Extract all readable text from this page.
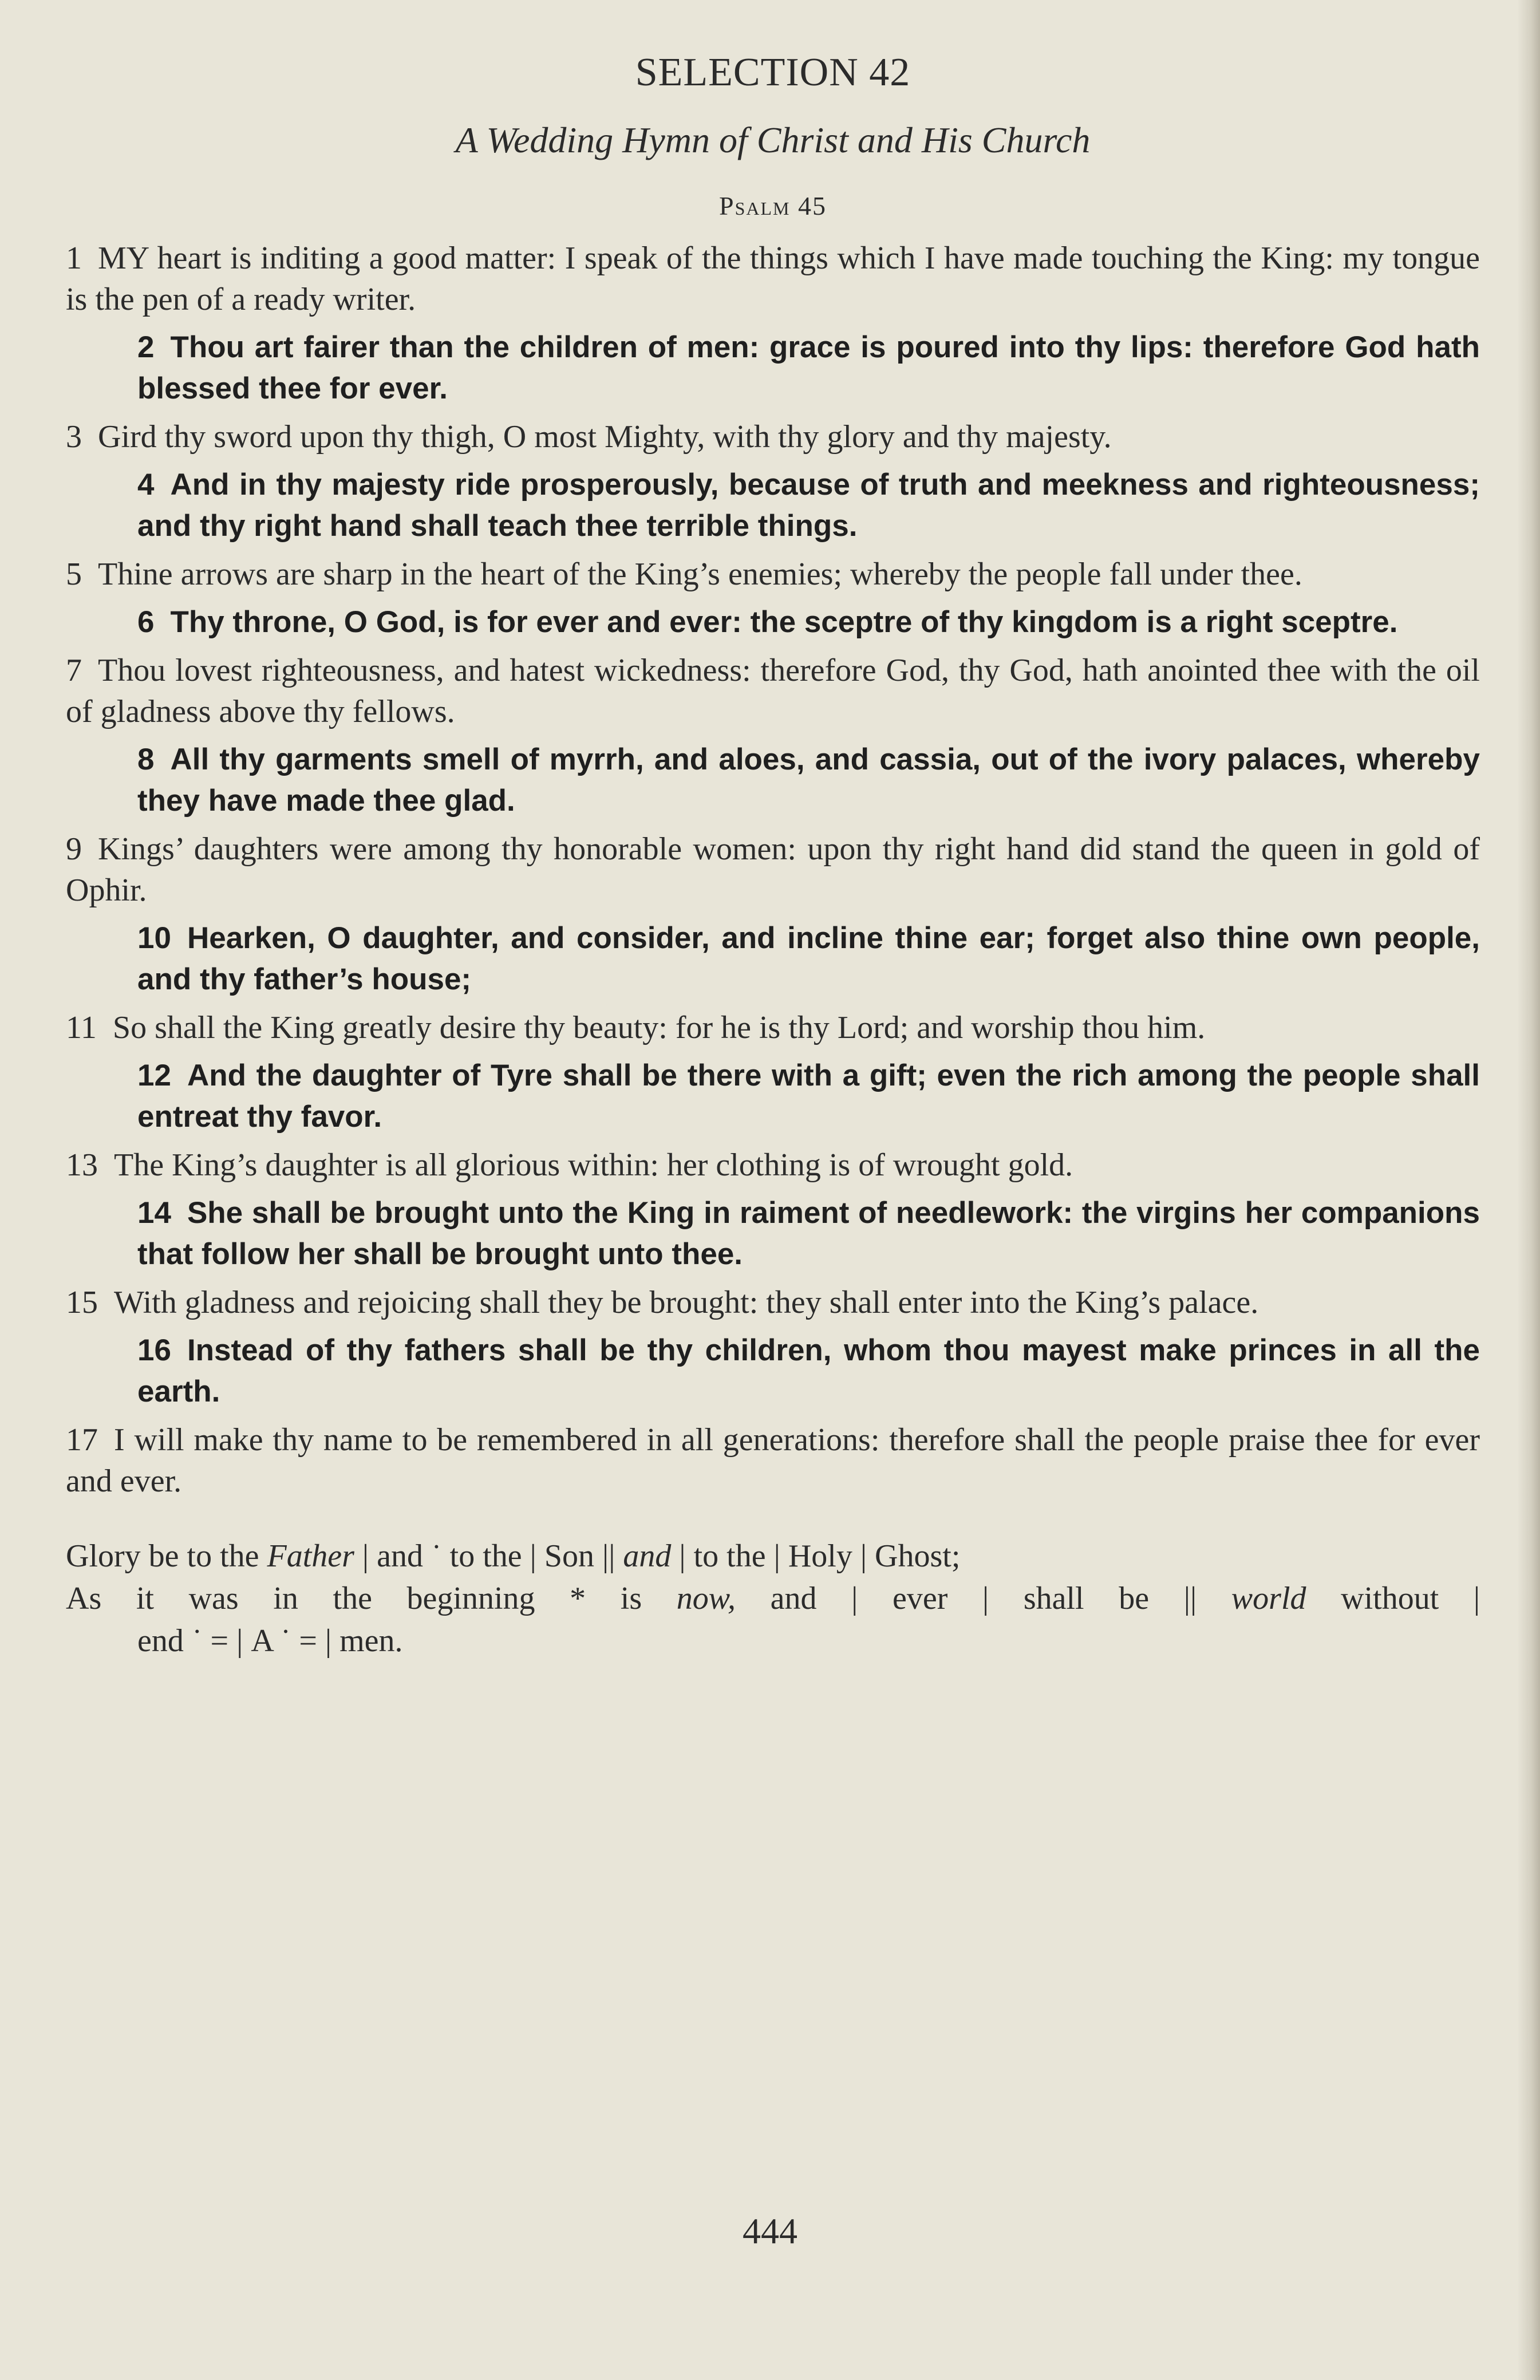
SELECTION 42
A Wedding Hymn of Christ and His Church
Psalm 45

1 MY heart is inditing a good matter: I speak of the things which I have made touching the King: my tongue is the pen of a ready writer.

2 Thou art fairer than the children of men: grace is poured into thy lips: therefore God hath blessed thee for ever.

3 Gird thy sword upon thy thigh, O most Mighty, with thy glory and thy majesty.

4 And in thy majesty ride prosperously, because of truth and meekness and righteousness; and thy right hand shall teach thee terrible things.

5 Thine arrows are sharp in the heart of the King’s enemies; whereby the people fall under thee.

6 Thy throne, O God, is for ever and ever: the sceptre of thy kingdom is a right sceptre.

7 Thou lovest righteousness, and hatest wickedness: therefore God, thy God, hath anointed thee with the oil of gladness above thy fellows.

8 All thy garments smell of myrrh, and aloes, and cassia, out of the ivory palaces, whereby they have made thee glad.

9 Kings’ daughters were among thy honorable women: upon thy right hand did stand the queen in gold of Ophir.

10 Hearken, O daughter, and consider, and incline thine ear; forget also thine own people, and thy father’s house;

11 So shall the King greatly desire thy beauty: for he is thy Lord; and worship thou him.

12 And the daughter of Tyre shall be there with a gift; even the rich among the people shall entreat thy favor.

13 The King’s daughter is all glorious within: her clothing is of wrought gold.

14 She shall be brought unto the King in raiment of needlework: the virgins her companions that follow her shall be brought unto thee.

15 With gladness and rejoicing shall they be brought: they shall enter into the King’s palace.

16 Instead of thy fathers shall be thy children, whom thou mayest make princes in all the earth.

17 I will make thy name to be remembered in all generations: therefore shall the people praise thee for ever and ever.

Glory be to the Father | and ˙ to the | Son || and | to the | Holy | Ghost;

As it was in the beginning * is now, and | ever | shall be || world without |

end ˙ = | A ˙ = | men.

444
